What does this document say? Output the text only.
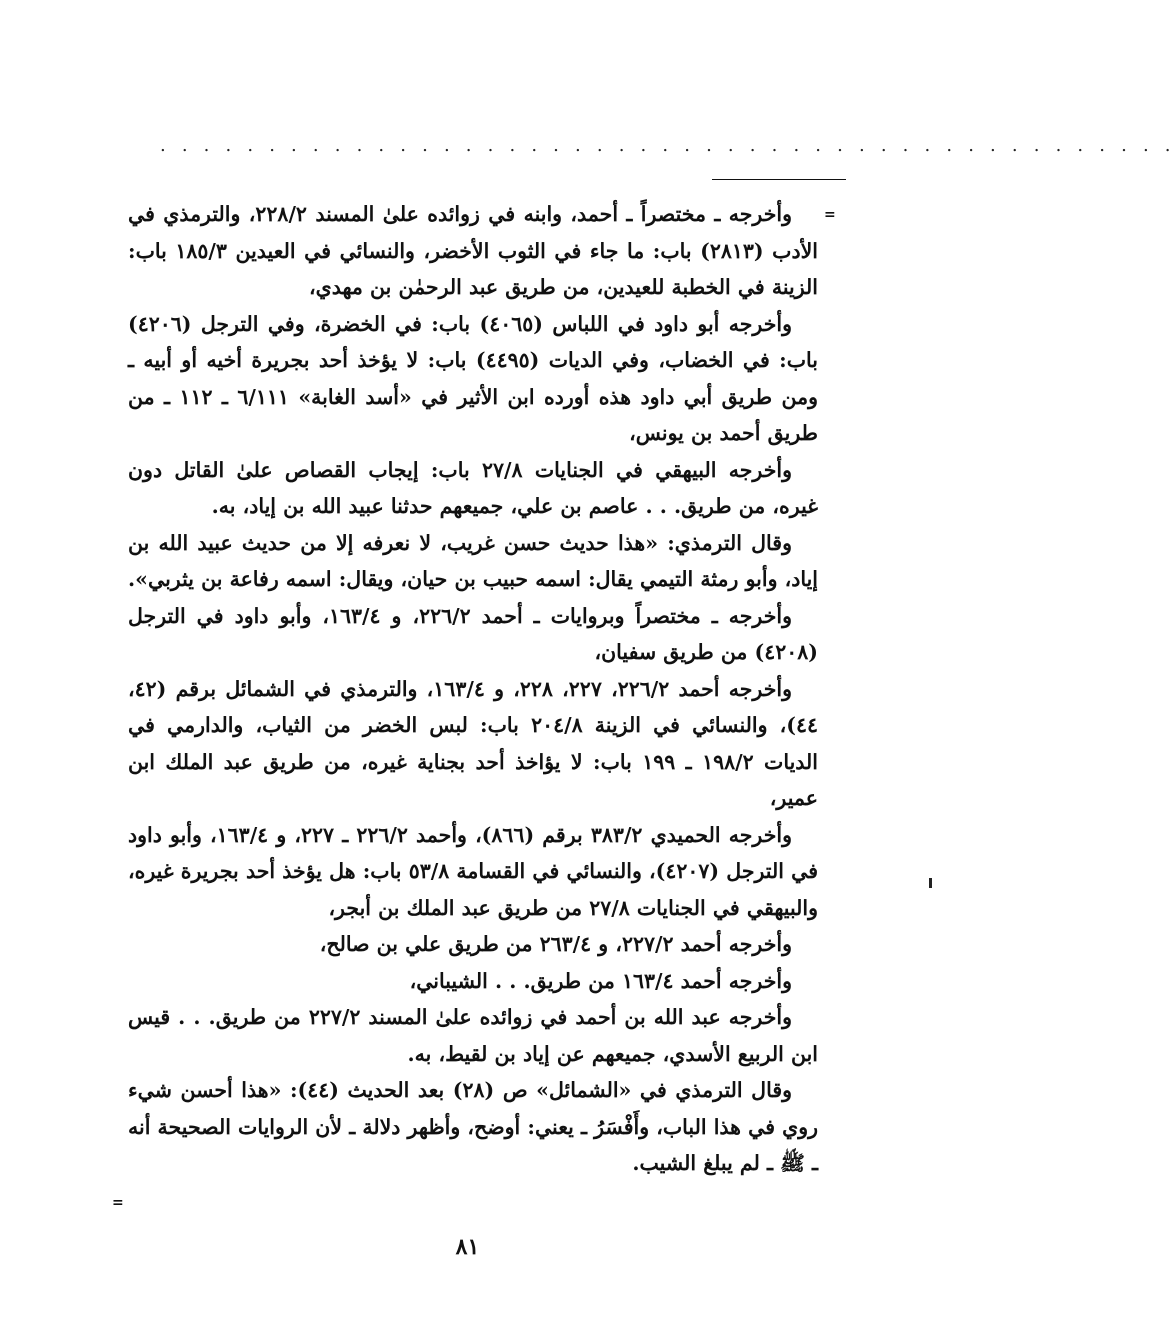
. . . . . . . . . . . . . . . . . . . . . . . . . . . . . . . . . . . . . . . . . . . . . . .
=

وأخرجه ـ مختصراً ـ أحمد، وابنه في زوائده علىٰ المسند ٢٢٨/٢، والترمذي في الأدب (٢٨١٣) باب: ما جاء في الثوب الأخضر، والنسائي في العيدين ١٨٥/٣ باب: الزينة في الخطبة للعيدين، من طريق عبد الرحمٰن بن مهدي،

وأخرجه أبو داود في اللباس (٤٠٦٥) باب: في الخضرة، وفي الترجل (٤٢٠٦) باب: في الخضاب، وفي الديات (٤٤٩٥) باب: لا يؤخذ أحد بجريرة أخيه أو أبيه ـ ومن طريق أبي داود هذه أورده ابن الأثير في «أسد الغابة» ٦/١١١ ـ ١١٢ ـ من طريق أحمد بن يونس،

وأخرجه البيهقي في الجنايات ٢٧/٨ باب: إيجاب القصاص علىٰ القاتل دون غيره، من طريق. . . عاصم بن علي، جميعهم حدثنا عبيد الله بن إياد، به.

وقال الترمذي: «هذا حديث حسن غريب، لا نعرفه إلا من حديث عبيد الله بن إياد، وأبو رمثة التيمي يقال: اسمه حبيب بن حيان، ويقال: اسمه رفاعة بن يثربي».

وأخرجه ـ مختصراً وبروايات ـ أحمد ٢٢٦/٢، و ١٦٣/٤، وأبو داود في الترجل (٤٢٠٨) من طريق سفيان،

وأخرجه أحمد ٢٢٦/٢، ٢٢٧، ٢٢٨، و ١٦٣/٤، والترمذي في الشمائل برقم (٤٢، ٤٤)، والنسائي في الزينة ٢٠٤/٨ باب: لبس الخضر من الثياب، والدارمي في الديات ١٩٨/٢ ـ ١٩٩ باب: لا يؤاخذ أحد بجناية غيره، من طريق عبد الملك ابن عمير،

وأخرجه الحميدي ٣٨٣/٢ برقم (٨٦٦)، وأحمد ٢٢٦/٢ ـ ٢٢٧، و ١٦٣/٤، وأبو داود في الترجل (٤٢٠٧)، والنسائي في القسامة ٥٣/٨ باب: هل يؤخذ أحد بجريرة غيره، والبيهقي في الجنايات ٢٧/٨ من طريق عبد الملك بن أبجر،

وأخرجه أحمد ٢٢٧/٢، و ٢٦٣/٤ من طريق علي بن صالح،

وأخرجه أحمد ١٦٣/٤ من طريق. . . الشيباني،

وأخرجه عبد الله بن أحمد في زوائده علىٰ المسند ٢٢٧/٢ من طريق. . . قيس ابن الربيع الأسدي، جميعهم عن إياد بن لقيط، به.

وقال الترمذي في «الشمائل» ص (٢٨) بعد الحديث (٤٤): «هذا أحسن شيء روي في هذا الباب، وأَفْسَرُ ـ يعني: أوضح، وأظهر دلالة ـ لأن الروايات الصحيحة أنه ـ ﷺ ـ لم يبلغ الشيب.

=
٨١
